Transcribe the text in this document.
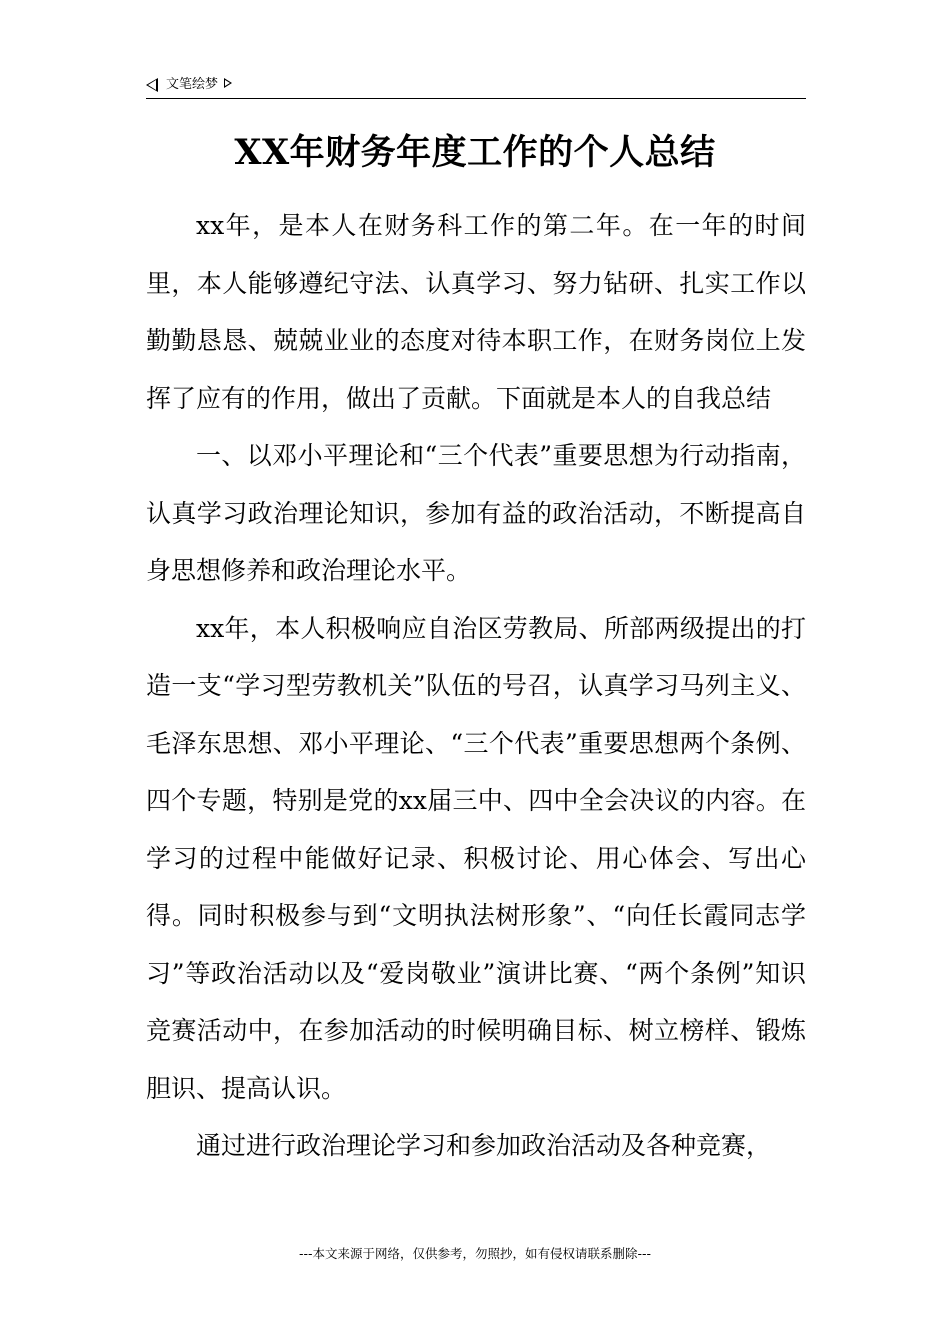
文笔绘梦
XX年财务年度工作的个人总结

xx年，是本人在财务科工作的第二年。在一年的时间里，本人能够遵纪守法、认真学习、努力钻研、扎实工作以勤勤恳恳、兢兢业业的态度对待本职工作，在财务岗位上发挥了应有的作用，做出了贡献。下面就是本人的自我总结

一、以邓小平理论和“三个代表”重要思想为行动指南，认真学习政治理论知识，参加有益的政治活动，不断提高自身思想修养和政治理论水平。

xx年，本人积极响应自治区劳教局、所部两级提出的打造一支“学习型劳教机关”队伍的号召，认真学习马列主义、毛泽东思想、邓小平理论、“三个代表”重要思想两个条例、四个专题，特别是党的xx届三中、四中全会决议的内容。在学习的过程中能做好记录、积极讨论、用心体会、写出心得。同时积极参与到“文明执法树形象”、“向任长霞同志学习”等政治活动以及“爱岗敬业”演讲比赛、“两个条例”知识竞赛活动中，在参加活动的时候明确目标、树立榜样、锻炼胆识、提高认识。

通过进行政治理论学习和参加政治活动及各种竞赛，

---本文来源于网络，仅供参考，勿照抄，如有侵权请联系删除---
